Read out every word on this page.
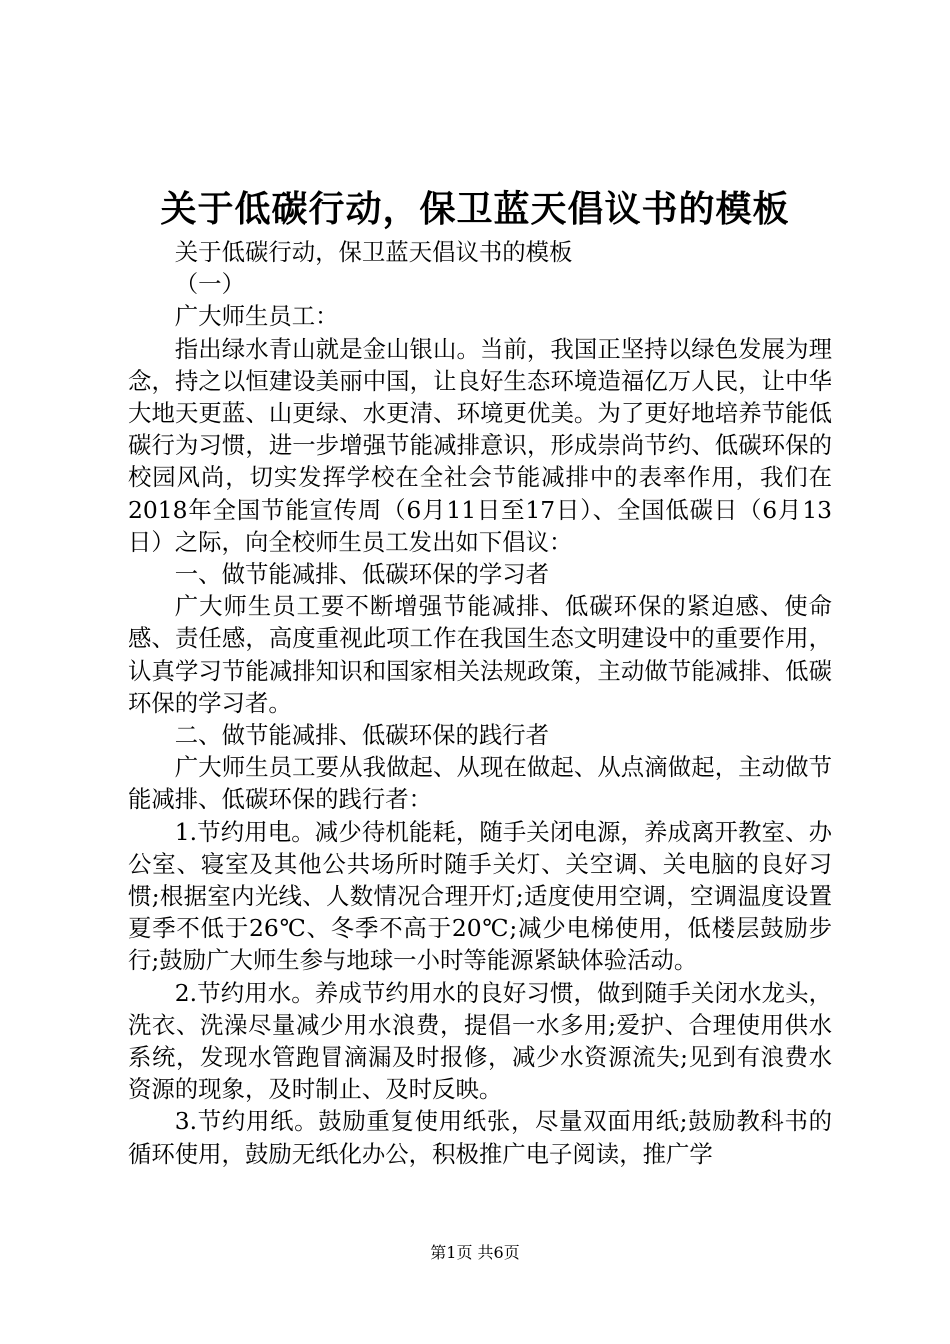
关于低碳行动，保卫蓝天倡议书的模板

关于低碳行动，保卫蓝天倡议书的模板

（一）

广大师生员工：

指出绿水青山就是金山银山。当前，我国正坚持以绿色发展为理念，持之以恒建设美丽中国，让良好生态环境造福亿万人民，让中华大地天更蓝、山更绿、水更清、环境更优美。为了更好地培养节能低碳行为习惯，进一步增强节能减排意识，形成崇尚节约、低碳环保的校园风尚，切实发挥学校在全社会节能减排中的表率作用，我们在2018年全国节能宣传周（6月11日至17日）、全国低碳日（6月13日）之际，向全校师生员工发出如下倡议：

一、做节能减排、低碳环保的学习者

广大师生员工要不断增强节能减排、低碳环保的紧迫感、使命感、责任感，高度重视此项工作在我国生态文明建设中的重要作用，认真学习节能减排知识和国家相关法规政策，主动做节能减排、低碳环保的学习者。

二、做节能减排、低碳环保的践行者

广大师生员工要从我做起、从现在做起、从点滴做起，主动做节能减排、低碳环保的践行者：

1.节约用电。减少待机能耗，随手关闭电源，养成离开教室、办公室、寝室及其他公共场所时随手关灯、关空调、关电脑的良好习惯;根据室内光线、人数情况合理开灯;适度使用空调，空调温度设置夏季不低于26℃、冬季不高于20℃;减少电梯使用，低楼层鼓励步行;鼓励广大师生参与地球一小时等能源紧缺体验活动。

2.节约用水。养成节约用水的良好习惯，做到随手关闭水龙头，洗衣、洗澡尽量减少用水浪费，提倡一水多用;爱护、合理使用供水系统，发现水管跑冒滴漏及时报修，减少水资源流失;见到有浪费水资源的现象，及时制止、及时反映。

3.节约用纸。鼓励重复使用纸张，尽量双面用纸;鼓励教科书的循环使用，鼓励无纸化办公，积极推广电子阅读，推广学

第1页 共6页
